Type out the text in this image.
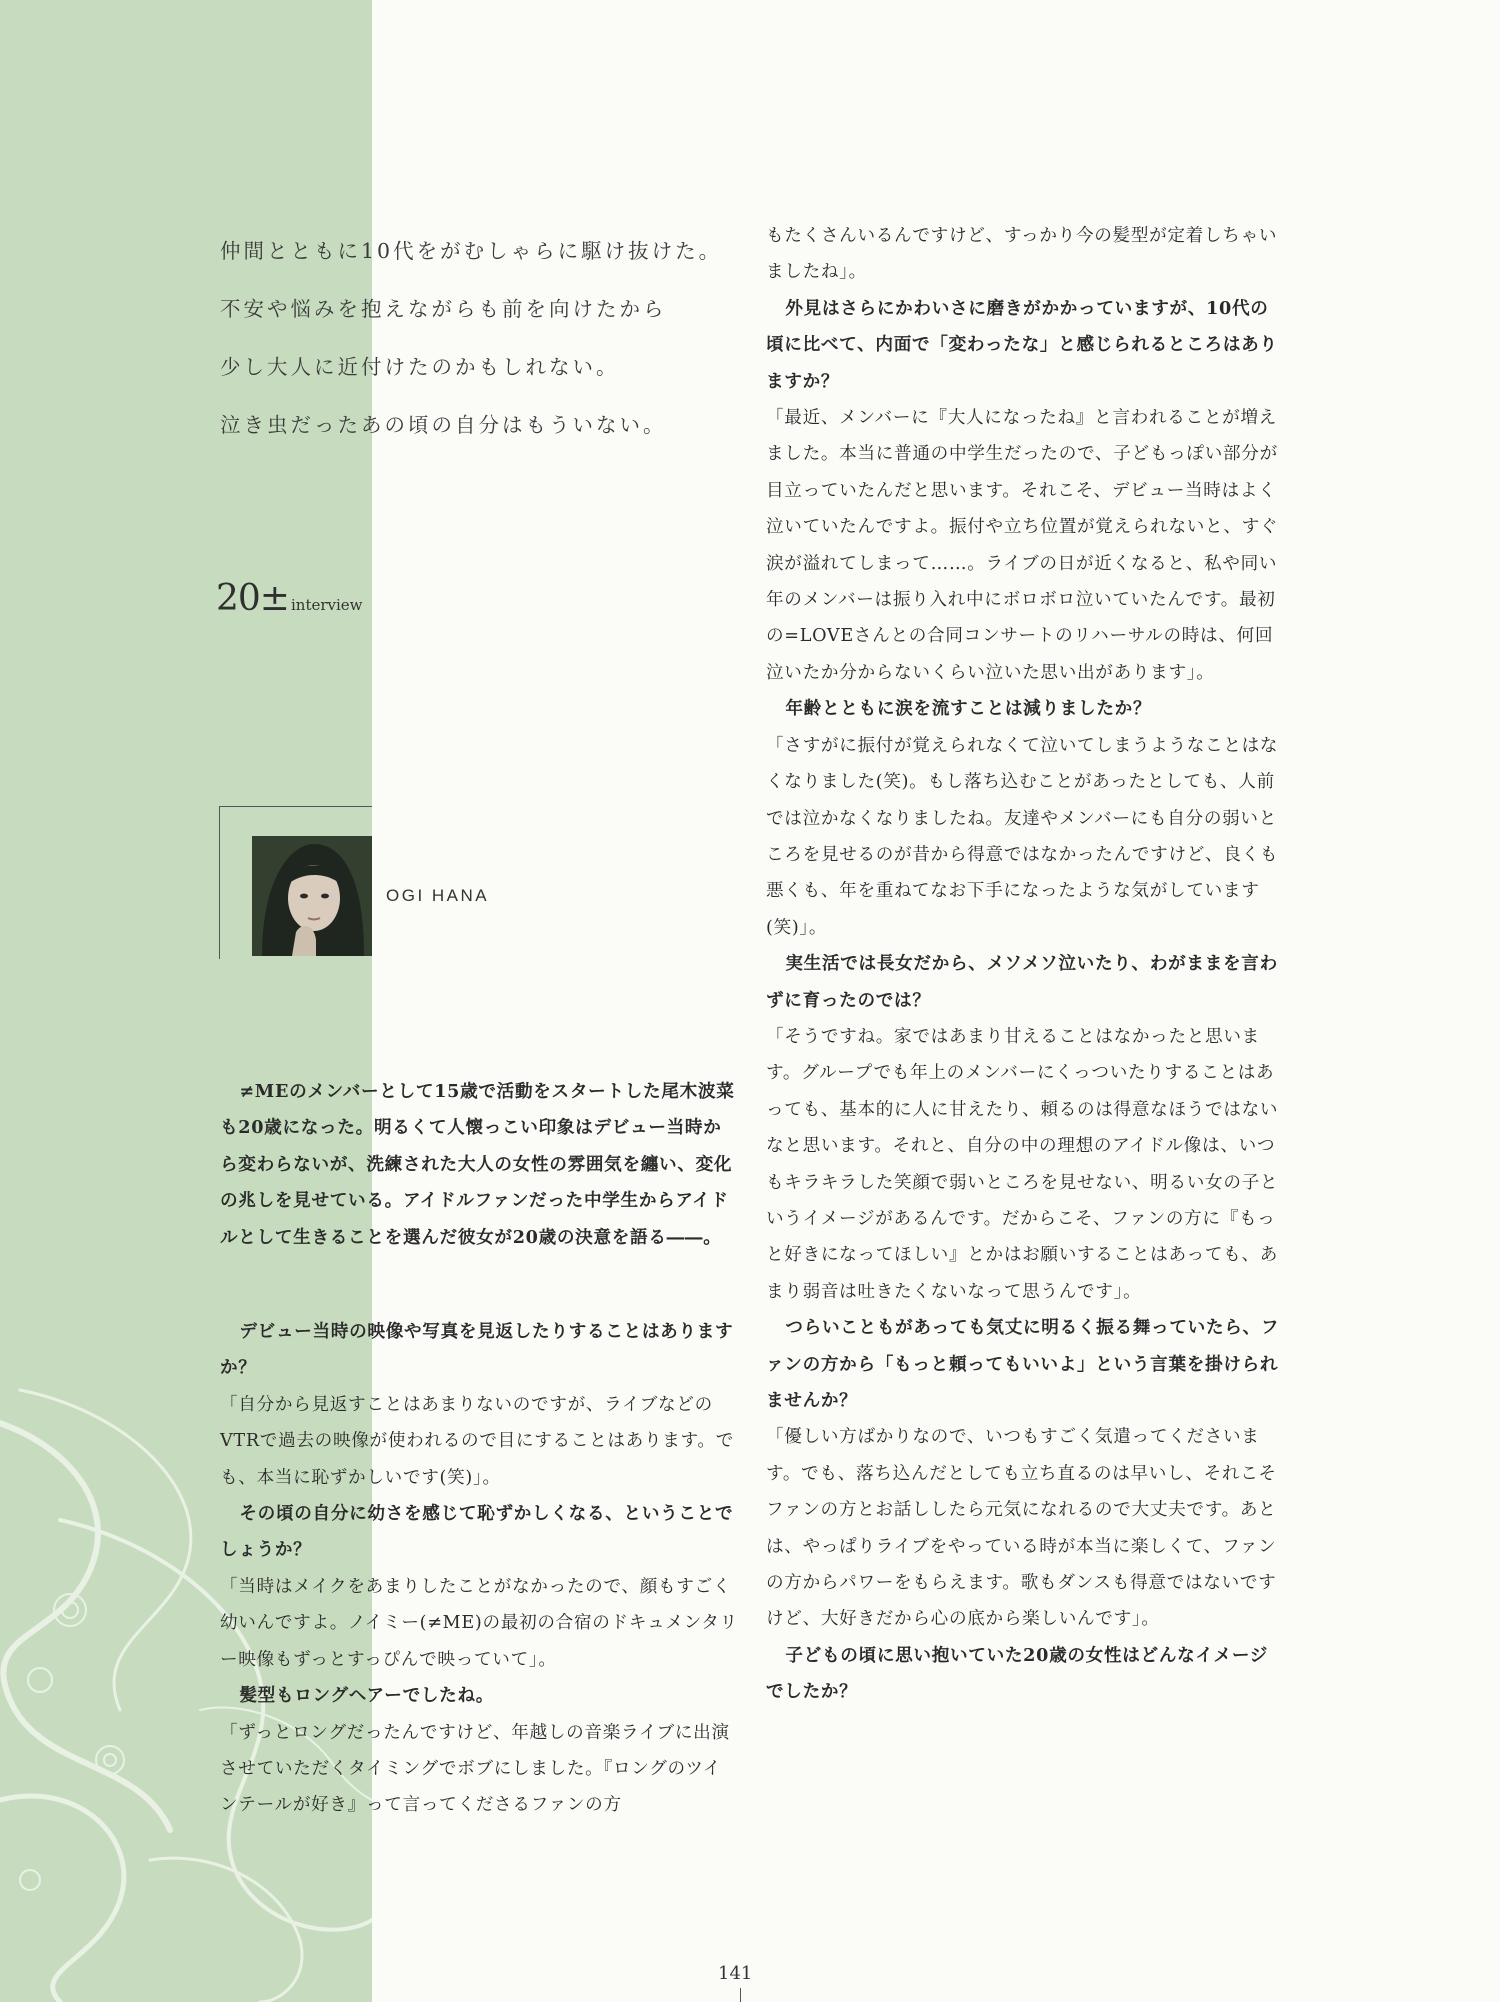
仲間とともに10代をがむしゃらに駆け抜けた。
不安や悩みを抱えながらも前を向けたから
少し大人に近付けたのかもしれない。
泣き虫だったあの頃の自分はもういない。
20± interview
OGI HANA

≠MEのメンバーとして15歳で活動をスタートした尾木波菜も20歳になった。明るくて人懐っこい印象はデビュー当時から変わらないが、洗練された大人の女性の雰囲気を纏い、変化の兆しを見せている。アイドルファンだった中学生からアイドルとして生きることを選んだ彼女が20歳の決意を語る――。

デビュー当時の映像や写真を見返したりすることはありますか？

「自分から見返すことはあまりないのですが、ライブなどのVTRで過去の映像が使われるので目にすることはあります。でも、本当に恥ずかしいです(笑)」。

その頃の自分に幼さを感じて恥ずかしくなる、ということでしょうか？

「当時はメイクをあまりしたことがなかったので、顔もすごく幼いんですよ。ノイミー(≠ME)の最初の合宿のドキュメンタリー映像もずっとすっぴんで映っていて」。

髪型もロングヘアーでしたね。

「ずっとロングだったんですけど、年越しの音楽ライブに出演させていただくタイミングでボブにしました。『ロングのツインテールが好き』って言ってくださるファンの方

もたくさんいるんですけど、すっかり今の髪型が定着しちゃいましたね」。

外見はさらにかわいさに磨きがかかっていますが、10代の頃に比べて、内面で「変わったな」と感じられるところはありますか？

「最近、メンバーに『大人になったね』と言われることが増えました。本当に普通の中学生だったので、子どもっぽい部分が目立っていたんだと思います。それこそ、デビュー当時はよく泣いていたんですよ。振付や立ち位置が覚えられないと、すぐ涙が溢れてしまって……。ライブの日が近くなると、私や同い年のメンバーは振り入れ中にボロボロ泣いていたんです。最初の=LOVEさんとの合同コンサートのリハーサルの時は、何回泣いたか分からないくらい泣いた思い出があります」。

年齢とともに涙を流すことは減りましたか？

「さすがに振付が覚えられなくて泣いてしまうようなことはなくなりました(笑)。もし落ち込むことがあったとしても、人前では泣かなくなりましたね。友達やメンバーにも自分の弱いところを見せるのが昔から得意ではなかったんですけど、良くも悪くも、年を重ねてなお下手になったような気がしています(笑)」。

実生活では長女だから、メソメソ泣いたり、わがままを言わずに育ったのでは？

「そうですね。家ではあまり甘えることはなかったと思います。グループでも年上のメンバーにくっついたりすることはあっても、基本的に人に甘えたり、頼るのは得意なほうではないなと思います。それと、自分の中の理想のアイドル像は、いつもキラキラした笑顔で弱いところを見せない、明るい女の子というイメージがあるんです。だからこそ、ファンの方に『もっと好きになってほしい』とかはお願いすることはあっても、あまり弱音は吐きたくないなって思うんです」。

つらいこともがあっても気丈に明るく振る舞っていたら、ファンの方から「もっと頼ってもいいよ」という言葉を掛けられませんか？

「優しい方ばかりなので、いつもすごく気遣ってくださいます。でも、落ち込んだとしても立ち直るのは早いし、それこそファンの方とお話ししたら元気になれるので大丈夫です。あとは、やっぱりライブをやっている時が本当に楽しくて、ファンの方からパワーをもらえます。歌もダンスも得意ではないですけど、大好きだから心の底から楽しいんです」。

子どもの頃に思い抱いていた20歳の女性はどんなイメージでしたか？

141
